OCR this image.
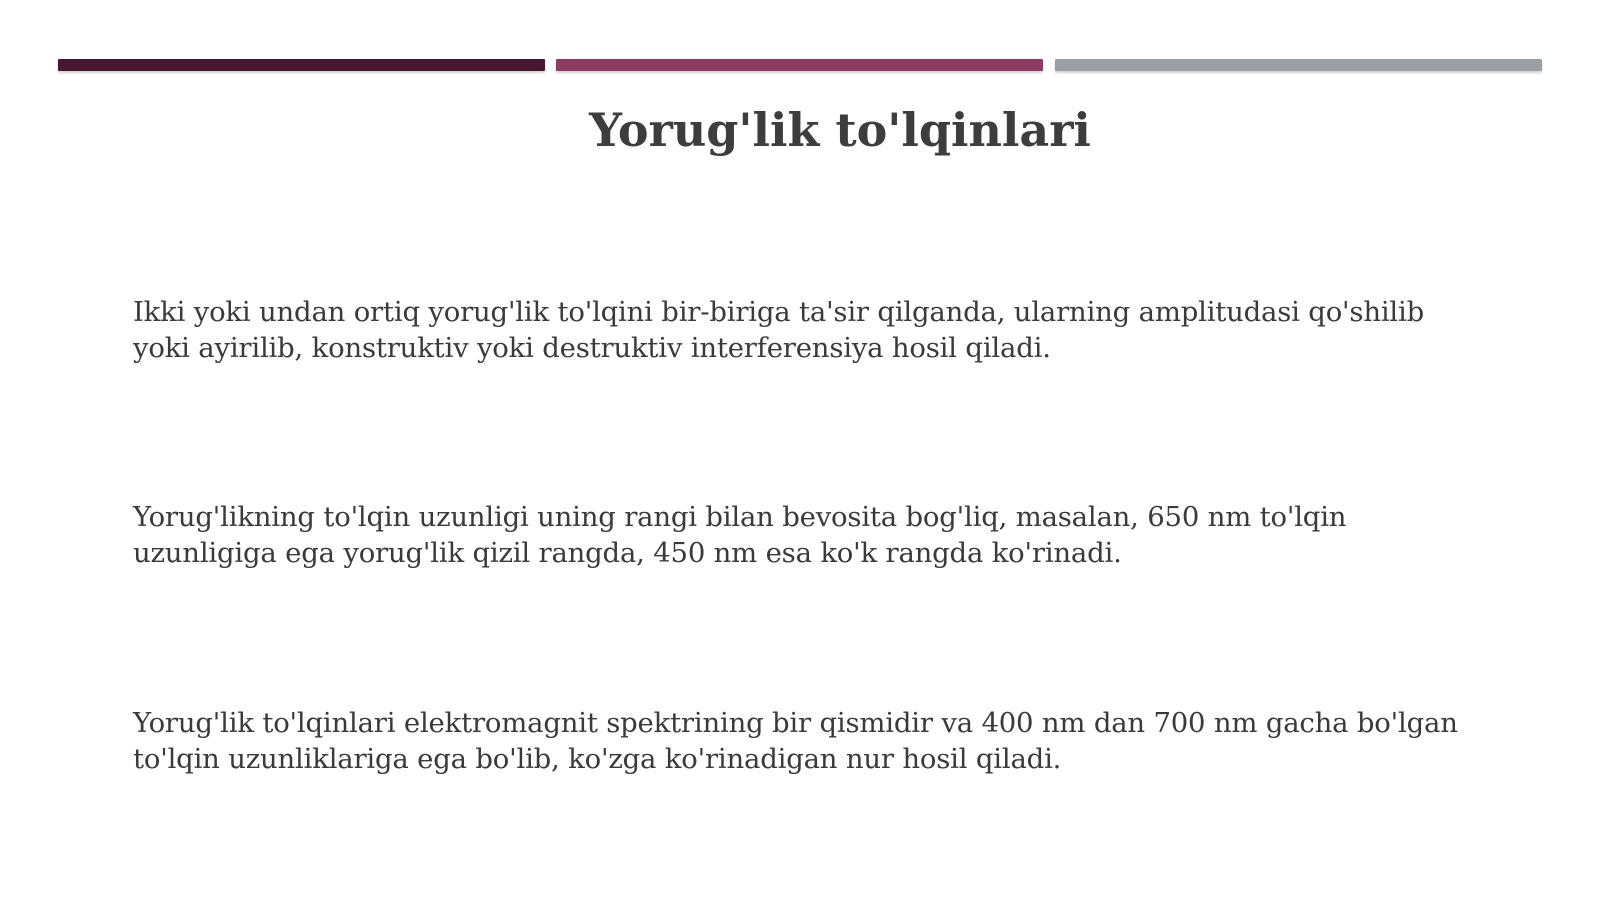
Yorug'lik to'lqinlari

Ikki yoki undan ortiq yorug'lik to'lqini bir-biriga ta'sir qilganda, ularning amplitudasi qo'shilib
yoki ayirilib, konstruktiv yoki destruktiv interferensiya hosil qiladi.

Yorug'likning to'lqin uzunligi uning rangi bilan bevosita bog'liq, masalan, 650 nm to'lqin
uzunligiga ega yorug'lik qizil rangda, 450 nm esa ko'k rangda ko'rinadi.

Yorug'lik to'lqinlari elektromagnit spektrining bir qismidir va 400 nm dan 700 nm gacha bo'lgan
to'lqin uzunliklariga ega bo'lib, ko'zga ko'rinadigan nur hosil qiladi.
